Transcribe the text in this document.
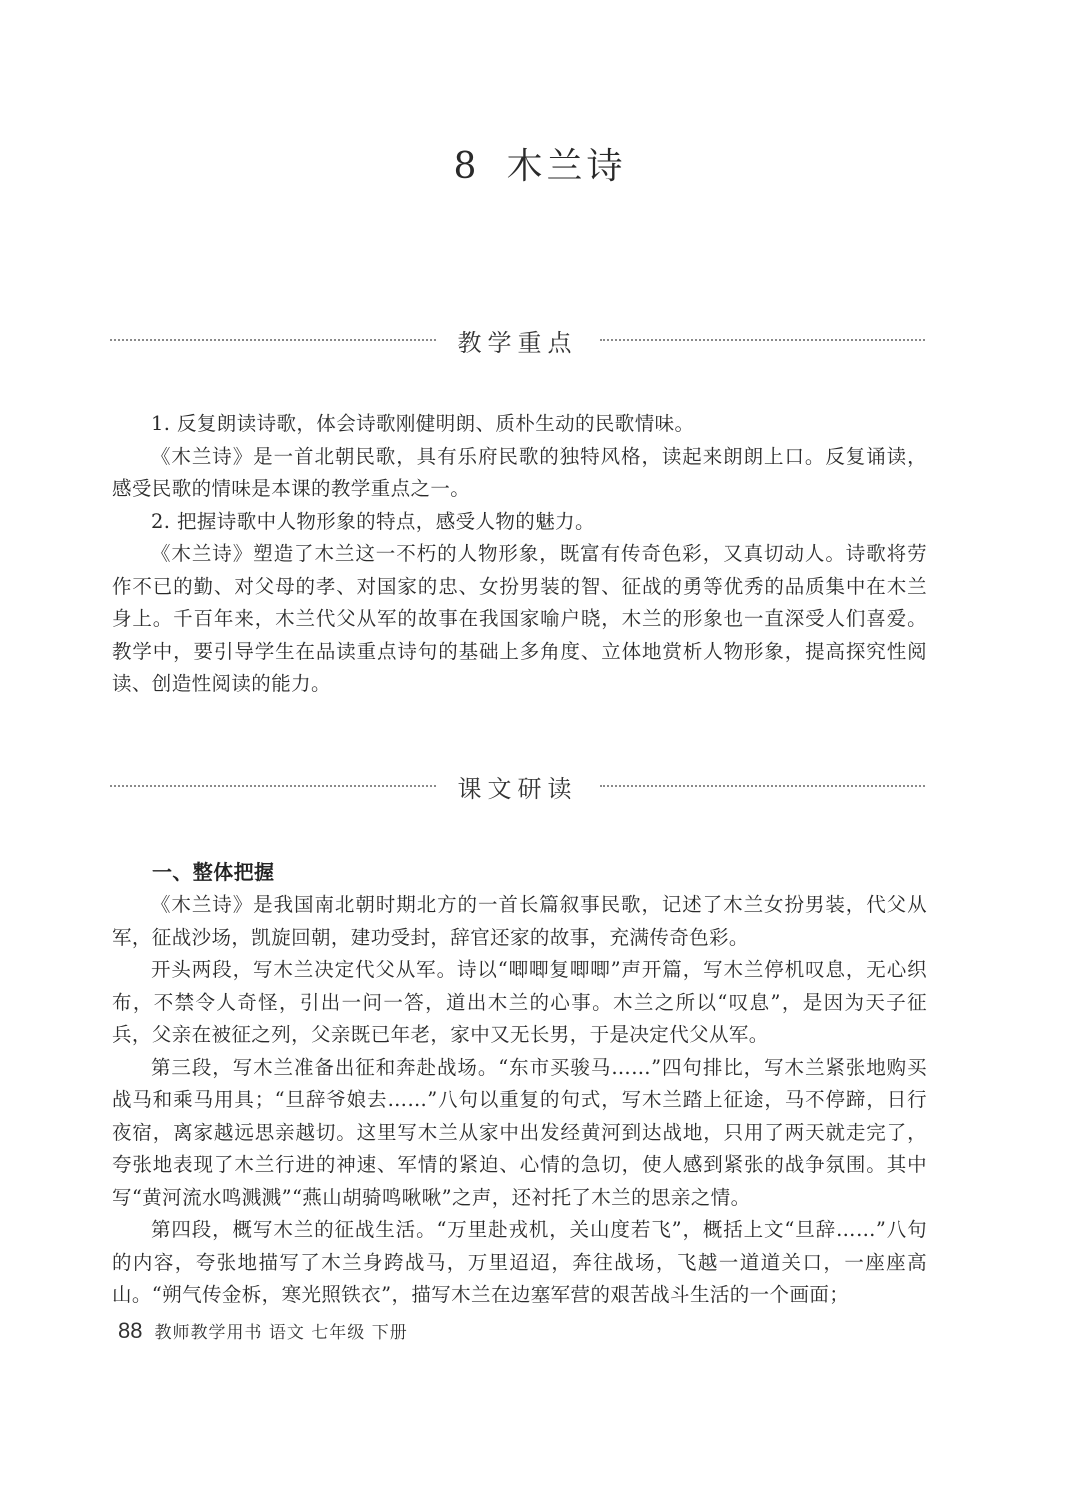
8 木兰诗
教学重点

1. 反复朗读诗歌，体会诗歌刚健明朗、质朴生动的民歌情味。

《木兰诗》是一首北朝民歌，具有乐府民歌的独特风格，读起来朗朗上口。反复诵读，感受民歌的情味是本课的教学重点之一。

2. 把握诗歌中人物形象的特点，感受人物的魅力。

《木兰诗》塑造了木兰这一不朽的人物形象，既富有传奇色彩，又真切动人。诗歌将劳作不已的勤、对父母的孝、对国家的忠、女扮男装的智、征战的勇等优秀的品质集中在木兰身上。千百年来，木兰代父从军的故事在我国家喻户晓，木兰的形象也一直深受人们喜爱。教学中，要引导学生在品读重点诗句的基础上多角度、立体地赏析人物形象，提高探究性阅读、创造性阅读的能力。

课文研读
一、整体把握

《木兰诗》是我国南北朝时期北方的一首长篇叙事民歌，记述了木兰女扮男装，代父从军，征战沙场，凯旋回朝，建功受封，辞官还家的故事，充满传奇色彩。

开头两段，写木兰决定代父从军。诗以“唧唧复唧唧”声开篇，写木兰停机叹息，无心织布，不禁令人奇怪，引出一问一答，道出木兰的心事。木兰之所以“叹息”，是因为天子征兵，父亲在被征之列，父亲既已年老，家中又无长男，于是决定代父从军。

第三段，写木兰准备出征和奔赴战场。“东市买骏马……”四句排比，写木兰紧张地购买战马和乘马用具；“旦辞爷娘去……”八句以重复的句式，写木兰踏上征途，马不停蹄，日行夜宿，离家越远思亲越切。这里写木兰从家中出发经黄河到达战地，只用了两天就走完了，夸张地表现了木兰行进的神速、军情的紧迫、心情的急切，使人感到紧张的战争氛围。其中写“黄河流水鸣溅溅”“燕山胡骑鸣啾啾”之声，还衬托了木兰的思亲之情。

第四段，概写木兰的征战生活。“万里赴戎机，关山度若飞”，概括上文“旦辞……”八句的内容，夸张地描写了木兰身跨战马，万里迢迢，奔往战场，飞越一道道关口，一座座高山。“朔气传金柝，寒光照铁衣”，描写木兰在边塞军营的艰苦战斗生活的一个画面；

88 教师教学用书 语文 七年级 下册
